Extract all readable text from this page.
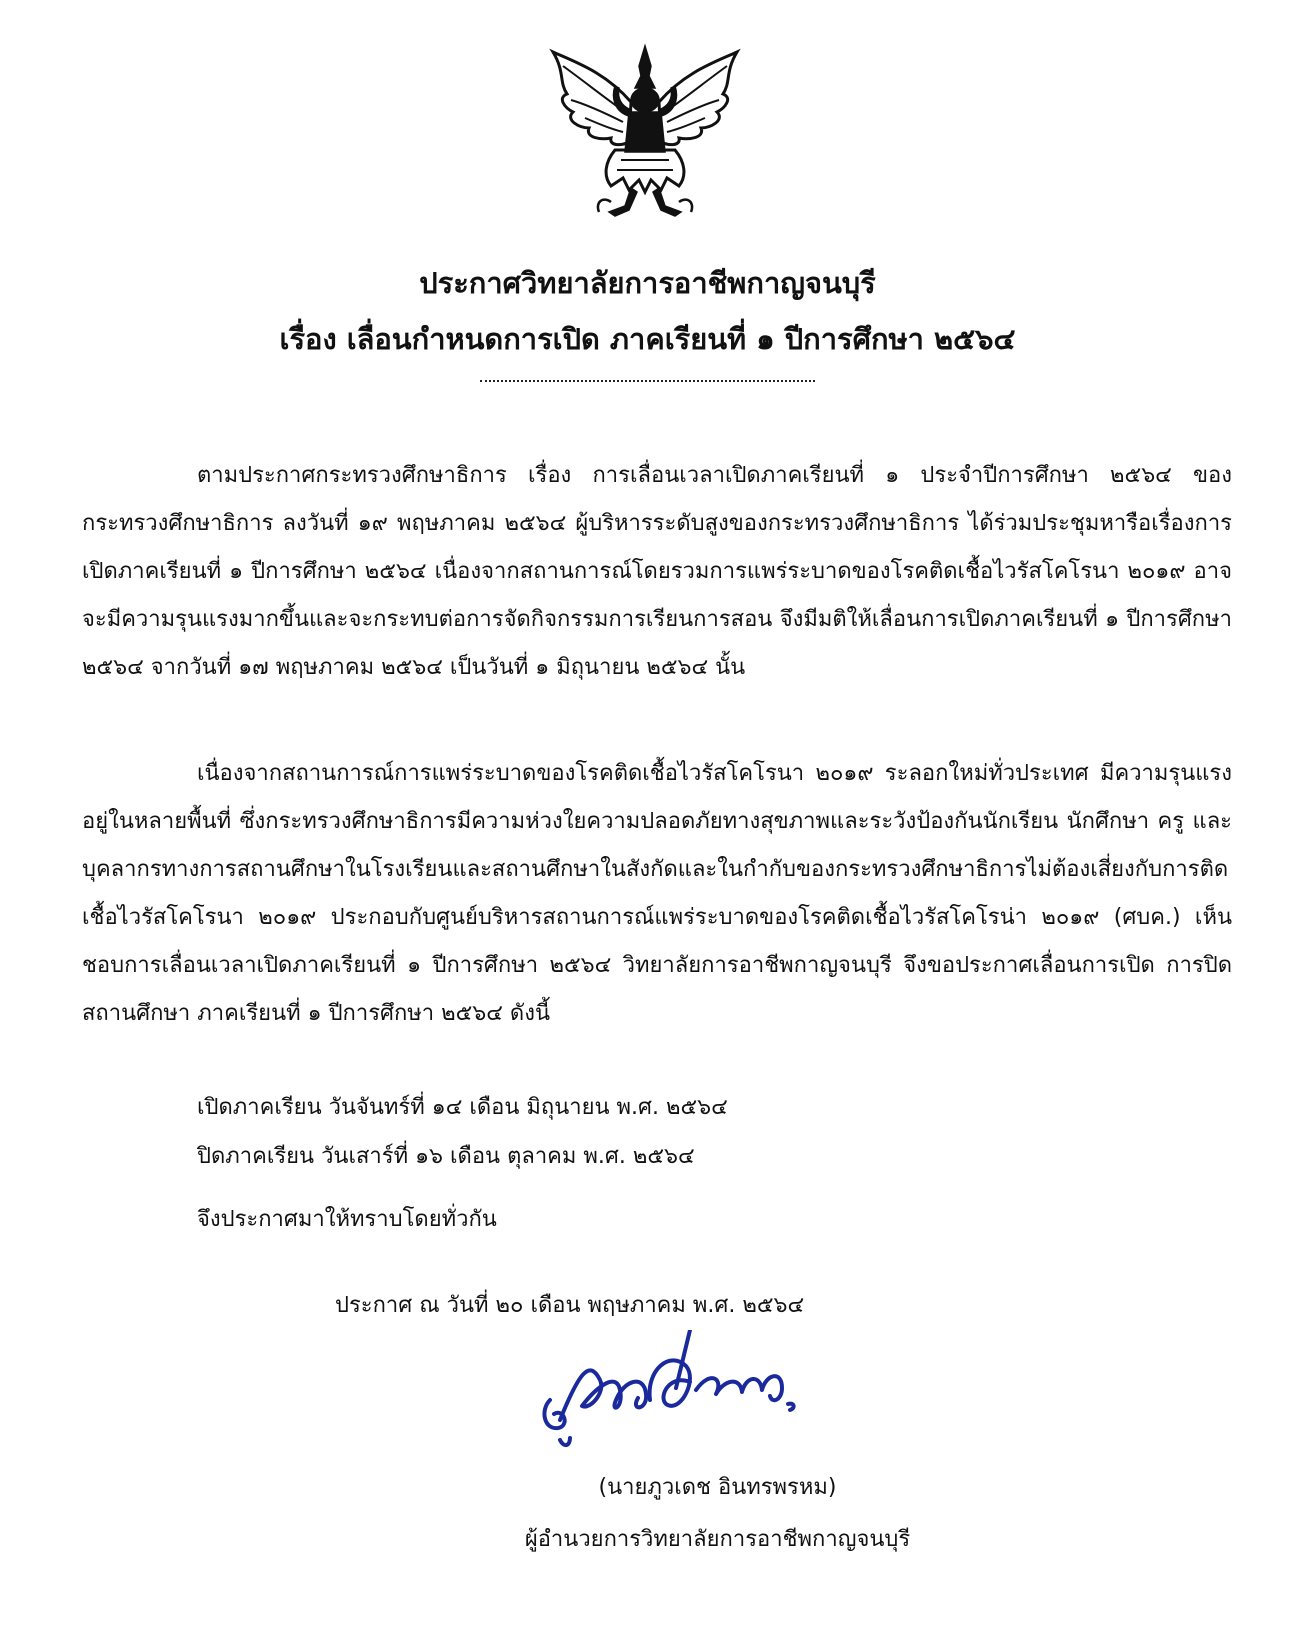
ประกาศวิทยาลัยการอาชีพกาญจนบุรี
เรื่อง เลื่อนกำหนดการเปิด ภาคเรียนที่ ๑ ปีการศึกษา ๒๕๖๔

ตามประกาศกระทรวงศึกษาธิการ เรื่อง การเลื่อนเวลาเปิดภาคเรียนที่ ๑ ประจำปีการศึกษา ๒๕๖๔ ของกระทรวงศึกษาธิการ ลงวันที่ ๑๙ พฤษภาคม ๒๕๖๔ ผู้บริหารระดับสูงของกระทรวงศึกษาธิการ ได้ร่วมประชุมหารือเรื่องการเปิดภาคเรียนที่ ๑ ปีการศึกษา ๒๕๖๔ เนื่องจากสถานการณ์โดยรวมการแพร่ระบาดของโรคติดเชื้อไวรัสโคโรนา ๒๐๑๙ อาจจะมีความรุนแรงมากขึ้นและจะกระทบต่อการจัดกิจกรรมการเรียนการสอน จึงมีมติให้เลื่อนการเปิดภาคเรียนที่ ๑ ปีการศึกษา ๒๕๖๔ จากวันที่ ๑๗ พฤษภาคม ๒๕๖๔ เป็นวันที่ ๑ มิถุนายน ๒๕๖๔ นั้น

เนื่องจากสถานการณ์การแพร่ระบาดของโรคติดเชื้อไวรัสโคโรนา ๒๐๑๙ ระลอกใหม่ทั่วประเทศ มีความรุนแรงอยู่ในหลายพื้นที่ ซึ่งกระทรวงศึกษาธิการมีความห่วงใยความปลอดภัยทางสุขภาพและระวังป้องกันนักเรียน นักศึกษา ครู และบุคลากรทางการสถานศึกษาในโรงเรียนและสถานศึกษาในสังกัดและในกำกับของกระทรวงศึกษาธิการไม่ต้องเสี่ยงกับการติดเชื้อไวรัสโคโรนา ๒๐๑๙ ประกอบกับศูนย์บริหารสถานการณ์แพร่ระบาดของโรคติดเชื้อไวรัสโคโรน่า ๒๐๑๙ (ศบค.) เห็นชอบการเลื่อนเวลาเปิดภาคเรียนที่ ๑ ปีการศึกษา ๒๕๖๔ วิทยาลัยการอาชีพกาญจนบุรี จึงขอประกาศเลื่อนการเปิด การปิดสถานศึกษา ภาคเรียนที่ ๑ ปีการศึกษา ๒๕๖๔ ดังนี้

เปิดภาคเรียน วันจันทร์ที่ ๑๔ เดือน มิถุนายน พ.ศ. ๒๕๖๔
ปิดภาคเรียน วันเสาร์ที่ ๑๖ เดือน ตุลาคม พ.ศ. ๒๕๖๔
จึงประกาศมาให้ทราบโดยทั่วกัน
ประกาศ ณ วันที่ ๒๐ เดือน พฤษภาคม พ.ศ. ๒๕๖๔
(นายภูวเดช อินทรพรหม)
ผู้อำนวยการวิทยาลัยการอาชีพกาญจนบุรี
